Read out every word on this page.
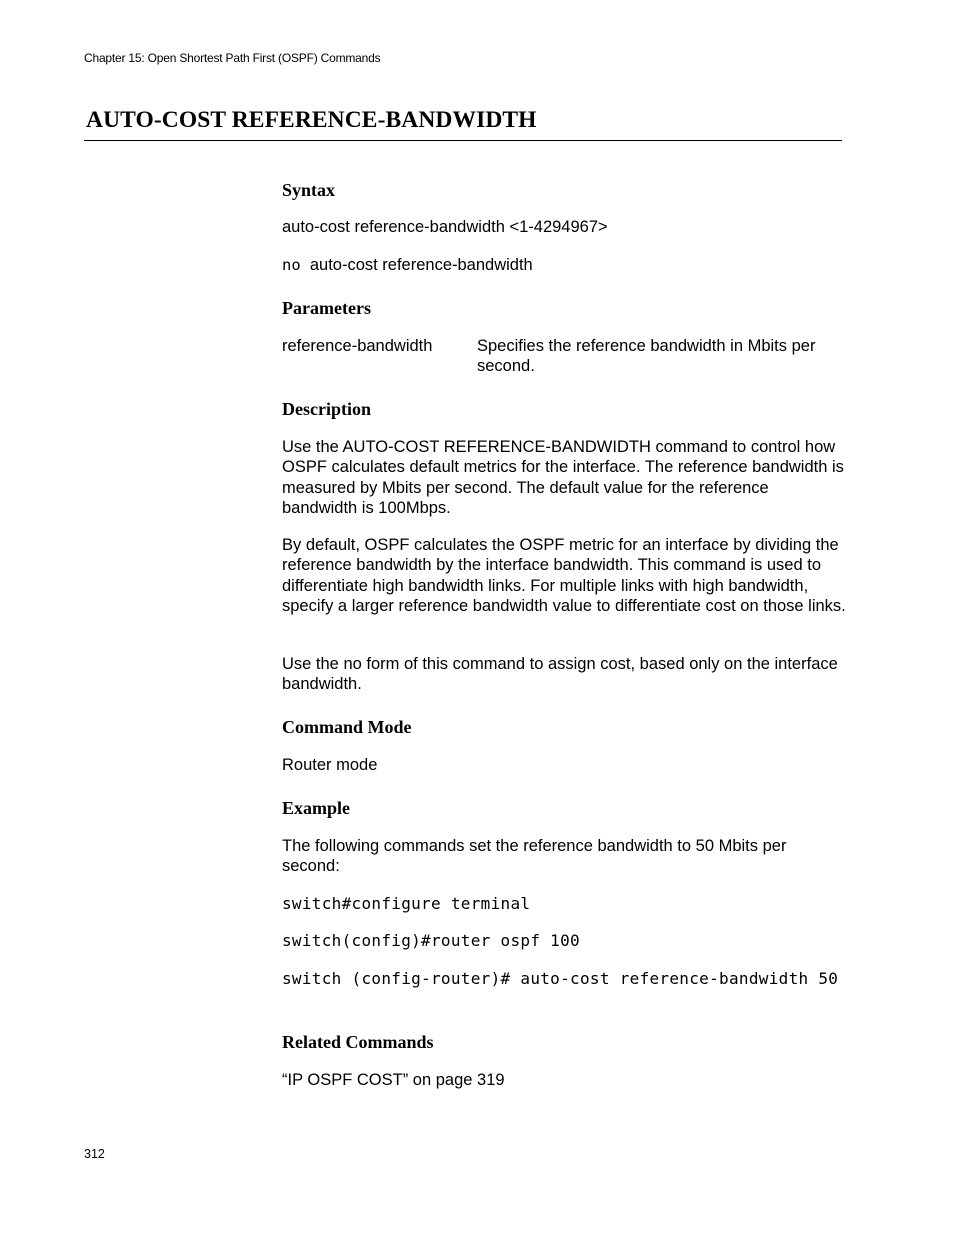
Chapter 15: Open Shortest Path First (OSPF) Commands
AUTO-COST REFERENCE-BANDWIDTH
Syntax

auto-cost reference-bandwidth <1-4294967>

no auto-cost reference-bandwidth

Parameters
reference-bandwidth	Specifies the reference bandwidth in Mbits per second.
Description

Use the AUTO-COST REFERENCE-BANDWIDTH command to control how OSPF calculates default metrics for the interface. The reference bandwidth is measured by Mbits per second. The default value for the reference bandwidth is 100Mbps.

By default, OSPF calculates the OSPF metric for an interface by dividing the reference bandwidth by the interface bandwidth. This command is used to differentiate high bandwidth links. For multiple links with high bandwidth, specify a larger reference bandwidth value to differentiate cost on those links.

Use the no form of this command to assign cost, based only on the interface bandwidth.

Command Mode

Router mode

Example

The following commands set the reference bandwidth to 50 Mbits per second:

switch#configure terminal

switch(config)#router ospf 100

switch (config-router)# auto-cost reference-bandwidth 50

Related Commands

“IP OSPF COST” on page 319

312
